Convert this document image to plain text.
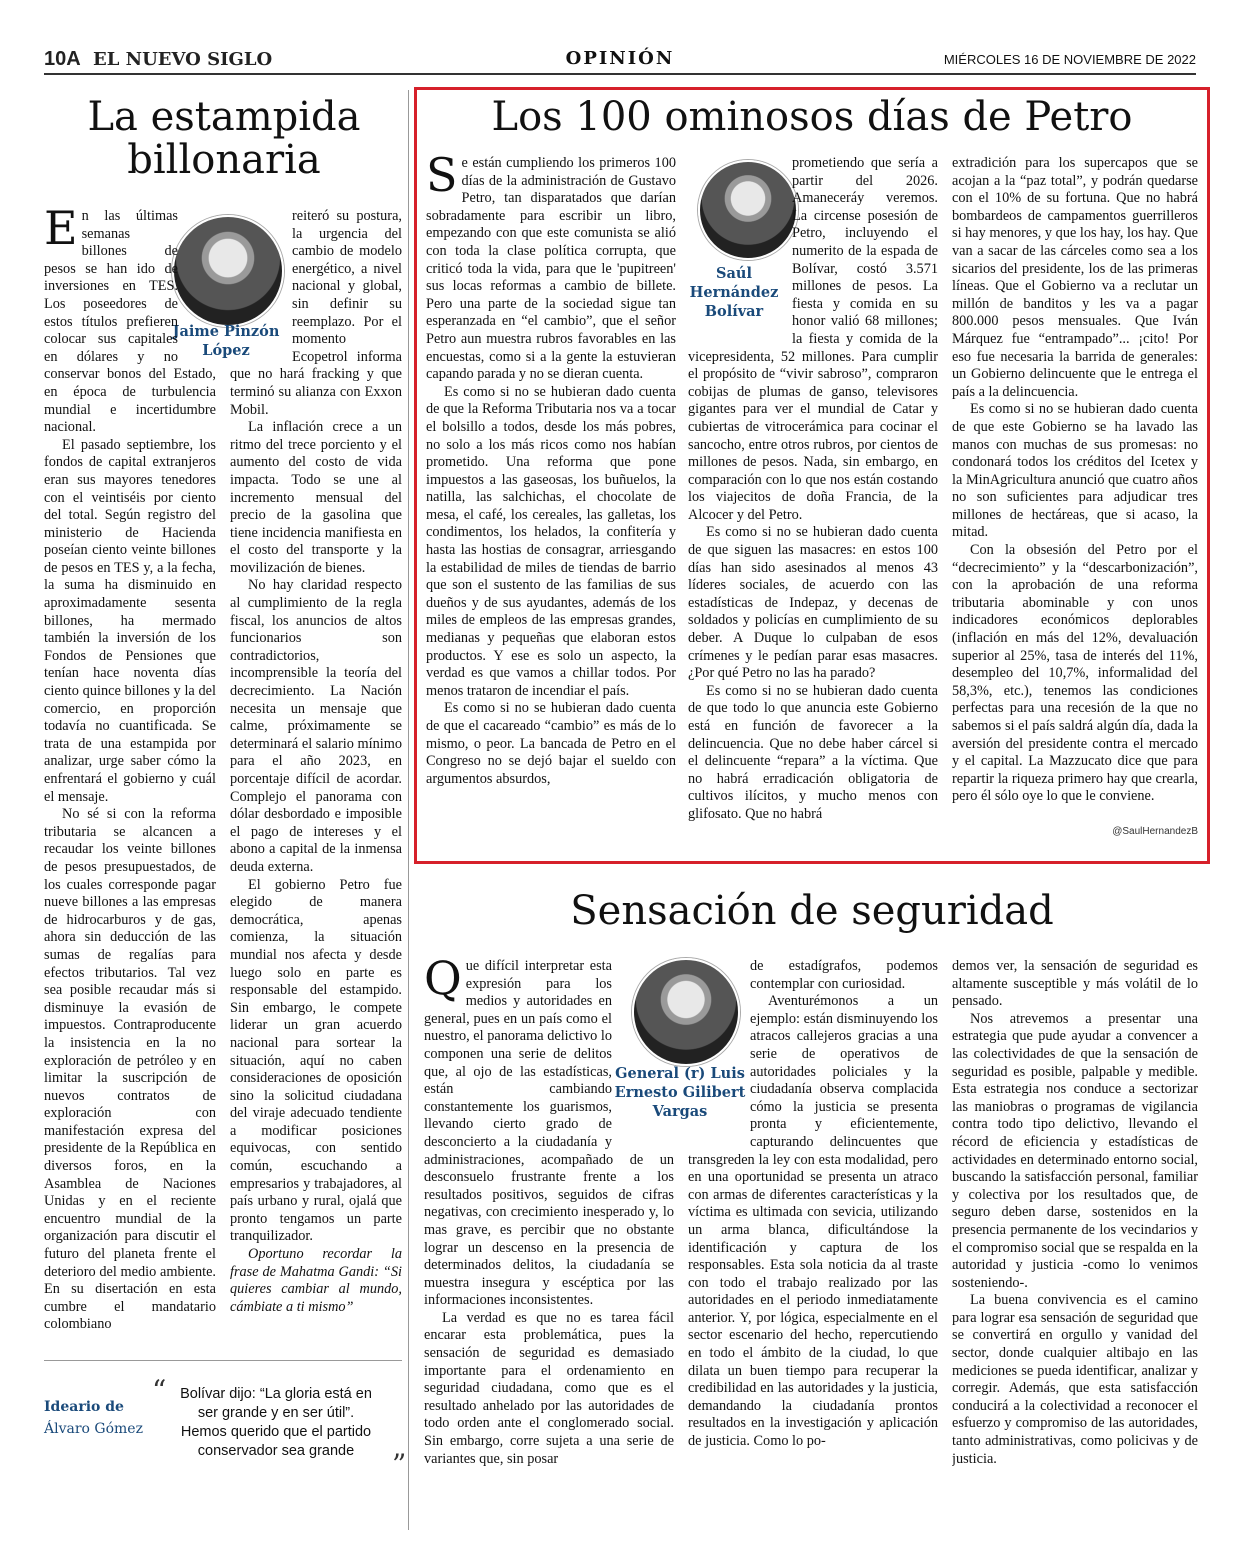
10A EL NUEVO SIGLO	OPINIÓN	MIÉRCOLES 16 DE NOVIEMBRE DE 2022
La estampida billonaria
Jaime Pinzón López
E n las últimas semanas billones de pesos se han ido de inversiones en TES. Los poseedores de estos títulos prefieren colocar sus capitales en dólares y no conservar bonos del Estado, en época de turbulencia mundial e incertidumbre nacional.

El pasado septiembre, los fondos de capital extranjeros eran sus mayores tenedores con el veintiséis por ciento del total. Según registro del ministerio de Hacienda poseían ciento veinte billones de pesos en TES y, a la fecha, la suma ha disminuido en aproximadamente sesenta billones, ha mermado también la inversión de los Fondos de Pensiones que tenían hace noventa días ciento quince billones y la del comercio, en proporción todavía no cuantificada. Se trata de una estampida por analizar, urge saber cómo la enfrentará el gobierno y cuál el mensaje.

No sé si con la reforma tributaria se alcancen a recaudar los veinte billones de pesos presupuestados, de los cuales corresponde pagar nueve billones a las empresas de hidrocarburos y de gas, ahora sin deducción de las sumas de regalías para efectos tributarios. Tal vez sea posible recaudar más si disminuye la evasión de impuestos. Contraproducente la insistencia en la no exploración de petróleo y en limitar la suscripción de nuevos contratos de exploración con manifestación expresa del presidente de la República en diversos foros, en la Asamblea de Naciones Unidas y en el reciente encuentro mundial de la organización para discutir el futuro del planeta frente el deterioro del medio ambiente. En su disertación en esta cumbre el mandatario colombiano

reiteró su postura, la urgencia del cambio de modelo energético, a nivel nacional y global, sin definir su reemplazo. Por el momento Ecopetrol informa que no hará fracking y que terminó su alianza con Exxon Mobil.

La inflación crece a un ritmo del trece porciento y el aumento del costo de vida impacta. Todo se une al incremento mensual del precio de la gasolina que tiene incidencia manifiesta en el costo del transporte y la movilización de bienes.

No hay claridad respecto al cumplimiento de la regla fiscal, los anuncios de altos funcionarios son contradictorios, incomprensible la teoría del decrecimiento. La Nación necesita un mensaje que calme, próximamente se determinará el salario mínimo para el año 2023, en porcentaje difícil de acordar. Complejo el panorama con dólar desbordado e imposible el pago de intereses y el abono a capital de la inmensa deuda externa.

El gobierno Petro fue elegido de manera democrática, apenas comienza, la situación mundial nos afecta y desde luego solo en parte es responsable del estampido. Sin embargo, le compete liderar un gran acuerdo nacional para sortear la situación, aquí no caben consideraciones de oposición sino la solicitud ciudadana del viraje adecuado tendiente a modificar posiciones equivocas, con sentido común, escuchando a empresarios y trabajadores, al país urbano y rural, ojalá que pronto tengamos un parte tranquilizador.

Oportuno recordar la frase de Mahatma Gandi: “Si quieres cambiar al mundo, cámbiate a ti mismo”

Ideario de
Álvaro Gómez
“ Bolívar dijo: “La gloria está en ser grande y en ser útil”. Hemos querido que el partido conservador sea grande	”
Los 100 ominosos días de Petro
Saúl Hernández Bolívar
S e están cumpliendo los primeros 100 días de la administración de Gustavo Petro, tan disparatados que darían sobradamente para escribir un libro, empezando con que este comunista se alió con toda la clase política corrupta, que criticó toda la vida, para que le 'pupitreen' sus locas reformas a cambio de billete. Pero una parte de la sociedad sigue tan esperanzada en “el cambio”, que el señor Petro aun muestra rubros favorables en las encuestas, como si a la gente la estuvieran capando parada y no se dieran cuenta.

Es como si no se hubieran dado cuenta de que la Reforma Tributaria nos va a tocar el bolsillo a todos, desde los más pobres, no solo a los más ricos como nos habían prometido. Una reforma que pone impuestos a las gaseosas, los buñuelos, la natilla, las salchichas, el chocolate de mesa, el café, los cereales, las galletas, los condimentos, los helados, la confitería y hasta las hostias de consagrar, arriesgando la estabilidad de miles de tiendas de barrio que son el sustento de las familias de sus dueños y de sus ayudantes, además de los miles de empleos de las empresas grandes, medianas y pequeñas que elaboran estos productos. Y ese es solo un aspecto, la verdad es que vamos a chillar todos. Por menos trataron de incendiar el país.

Es como si no se hubieran dado cuenta de que el cacareado “cambio” es más de lo mismo, o peor. La bancada de Petro en el Congreso no se dejó bajar el sueldo con argumentos absurdos,

prometiendo que sería a partir del 2026. Amaneceráy veremos. La circense posesión de Petro, incluyendo el numerito de la espada de Bolívar, costó 3.571 millones de pesos. La fiesta y comida en su honor valió 68 millones; la fiesta y comida de la vicepresidenta, 52 millones. Para cumplir el propósito de “vivir sabroso”, compraron cobijas de plumas de ganso, televisores gigantes para ver el mundial de Catar y cubiertas de vitrocerámica para cocinar el sancocho, entre otros rubros, por cientos de millones de pesos. Nada, sin embargo, en comparación con lo que nos están costando los viajecitos de doña Francia, de la Alcocer y del Petro.

Es como si no se hubieran dado cuenta de que siguen las masacres: en estos 100 días han sido asesinados al menos 43 líderes sociales, de acuerdo con las estadísticas de Indepaz, y decenas de soldados y policías en cumplimiento de su deber. A Duque lo culpaban de esos crímenes y le pedían parar esas masacres. ¿Por qué Petro no las ha parado?

Es como si no se hubieran dado cuenta de que todo lo que anuncia este Gobierno está en función de favorecer a la delincuencia. Que no debe haber cárcel si el delincuente “repara” a la víctima. Que no habrá erradicación obligatoria de cultivos ilícitos, y mucho menos con glifosato. Que no habrá

extradición para los supercapos que se acojan a la “paz total”, y podrán quedarse con el 10% de su fortuna. Que no habrá bombardeos de campamentos guerrilleros si hay menores, y que los hay, los hay. Que van a sacar de las cárceles como sea a los sicarios del presidente, los de las primeras líneas. Que el Gobierno va a reclutar un millón de banditos y les va a pagar 800.000 pesos mensuales. Que Iván Márquez fue “entrampado”... ¡cito! Por eso fue necesaria la barrida de generales: un Gobierno delincuente que le entrega el país a la delincuencia.

Es como si no se hubieran dado cuenta de que este Gobierno se ha lavado las manos con muchas de sus promesas: no condonará todos los créditos del Icetex y la MinAgricultura anunció que cuatro años no son suficientes para adjudicar tres millones de hectáreas, que si acaso, la mitad.

Con la obsesión del Petro por el “decrecimiento” y la “descarbonización”, con la aprobación de una reforma tributaria abominable y con unos indicadores económicos deplorables (inflación en más del 12%, devaluación superior al 25%, tasa de interés del 11%, desempleo del 10,7%, informalidad del 58,3%, etc.), tenemos las condiciones perfectas para una recesión de la que no sabemos si el país saldrá algún día, dada la aversión del presidente contra el mercado y el capital. La Mazzucato dice que para repartir la riqueza primero hay que crearla, pero él sólo oye lo que le conviene.

@SaulHernandezB
Sensación de seguridad
General (r) Luis Ernesto Gilibert Vargas
Q ue difícil interpretar esta expresión para los medios y autoridades en general, pues en un país como el nuestro, el panorama delictivo lo componen una serie de delitos que, al ojo de las estadísticas, están cambiando constantemente los guarismos, llevando cierto grado de desconcierto a la ciudadanía y administraciones, acompañado de un desconsuelo frustrante frente a los resultados positivos, seguidos de cifras negativas, con crecimiento inesperado y, lo mas grave, es percibir que no obstante lograr un descenso en la presencia de determinados delitos, la ciudadanía se muestra insegura y escéptica por las informaciones inconsistentes.

La verdad es que no es tarea fácil encarar esta problemática, pues la sensación de seguridad es demasiado importante para el ordenamiento en seguridad ciudadana, como que es el resultado anhelado por las autoridades de todo orden ante el conglomerado social. Sin embargo, corre sujeta a una serie de variantes que, sin posar

de estadígrafos, podemos contemplar con curiosidad.

Aventurémonos a un ejemplo: están disminuyendo los atracos callejeros gracias a una serie de operativos de autoridades policiales y la ciudadanía observa complacida cómo la justicia se presenta pronta y eficientemente, capturando delincuentes que transgreden la ley con esta modalidad, pero en una oportunidad se presenta un atraco con armas de diferentes características y la víctima es ultimada con sevicia, utilizando un arma blanca, dificultándose la identificación y captura de los responsables. Esta sola noticia da al traste con todo el trabajo realizado por las autoridades en el periodo inmediatamente anterior. Y, por lógica, especialmente en el sector escenario del hecho, repercutiendo en todo el ámbito de la ciudad, lo que dilata un buen tiempo para recuperar la credibilidad en las autoridades y la justicia, demandando la ciudadanía prontos resultados en la investigación y aplicación de justicia. Como lo po-

demos ver, la sensación de seguridad es altamente susceptible y más volátil de lo pensado.

Nos atrevemos a presentar una estrategia que pude ayudar a convencer a las colectividades de que la sensación de seguridad es posible, palpable y medible. Esta estrategia nos conduce a sectorizar las maniobras o programas de vigilancia contra todo tipo delictivo, llevando el récord de eficiencia y estadísticas de actividades en determinado entorno social, buscando la satisfacción personal, familiar y colectiva por los resultados que, de seguro deben darse, sostenidos en la presencia permanente de los vecindarios y el compromiso social que se respalda en la autoridad y justicia -como lo venimos sosteniendo-.

La buena convivencia es el camino para lograr esa sensación de seguridad que se convertirá en orgullo y vanidad del sector, donde cualquier altibajo en las mediciones se pueda identificar, analizar y corregir. Además, que esta satisfacción conducirá a la colectividad a reconocer el esfuerzo y compromiso de las autoridades, tanto administrativas, como policivas y de justicia.
